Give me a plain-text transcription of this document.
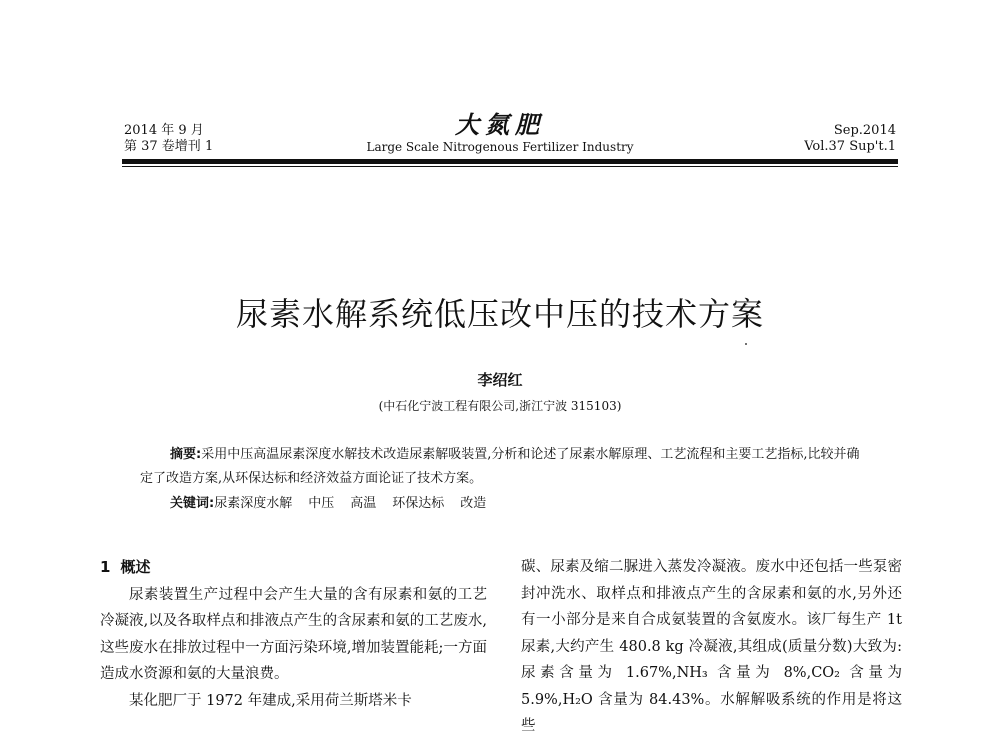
2014 年 9 月
第 37 卷增刊 1
大氮肥
Large Scale Nitrogenous Fertilizer Industry
Sep.2014
Vol.37 Sup't.1
尿素水解系统低压改中压的技术方案
李绍红
(中石化宁波工程有限公司,浙江宁波 315103)
摘要:采用中压高温尿素深度水解技术改造尿素解吸装置,分析和论述了尿素水解原理、工艺流程和主要工艺指标,比较并确定了改造方案,从环保达标和经济效益方面论证了技术方案。
关键词:尿素深度水解 中压 高温 环保达标 改造
1 概述

尿素装置生产过程中会产生大量的含有尿素和氨的工艺冷凝液,以及各取样点和排液点产生的含尿素和氨的工艺废水,这些废水在排放过程中一方面污染环境,增加装置能耗;一方面造成水资源和氨的大量浪费。

某化肥厂于 1972 年建成,采用荷兰斯塔米卡

碳、尿素及缩二脲进入蒸发冷凝液。废水中还包括一些泵密封冲洗水、取样点和排液点产生的含尿素和氨的水,另外还有一小部分是来自合成氨装置的含氨废水。该厂每生产 1t 尿素,大约产生 480.8 kg 冷凝液,其组成(质量分数)大致为:尿素含量为 1.67%,NH₃ 含量为 8%,CO₂ 含量为 5.9%,H₂O 含量为 84.43%。水解解吸系统的作用是将这些
